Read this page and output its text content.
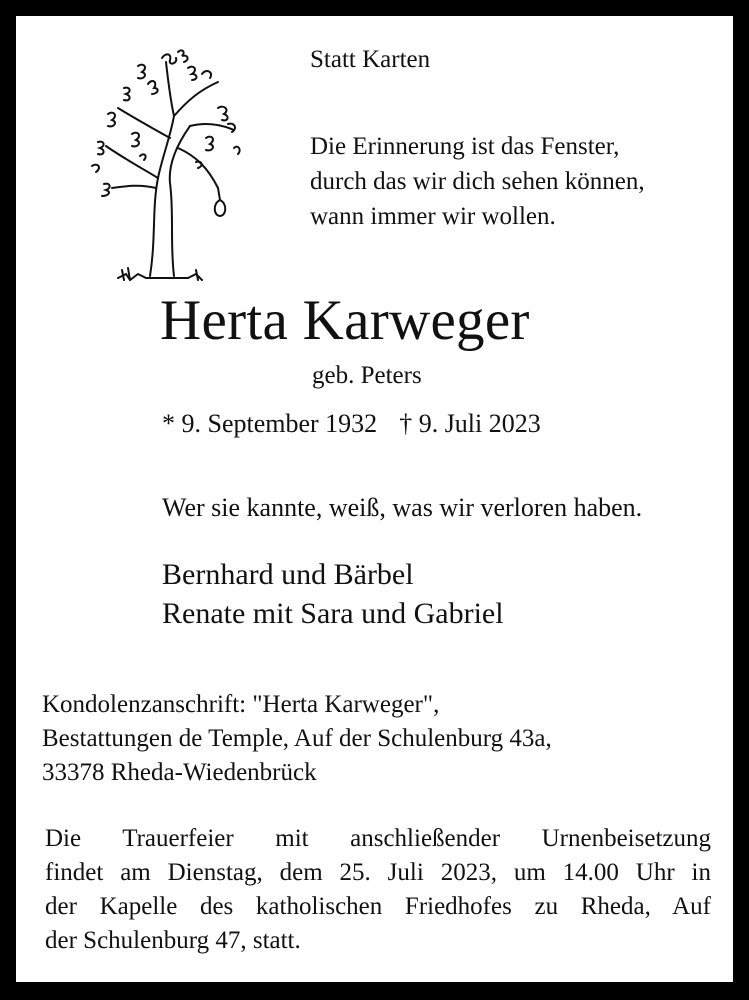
Statt Karten
Die Erinnerung ist das Fenster,
durch das wir dich sehen können,
wann immer wir wollen.
Herta Karweger
geb. Peters
* 9. September 1932 † 9. Juli 2023
Wer sie kannte, weiß, was wir verloren haben.
Bernhard und Bärbel
Renate mit Sara und Gabriel
Kondolenzanschrift: "Herta Karweger",
Bestattungen de Temple, Auf der Schulenburg 43a,
33378 Rheda-Wiedenbrück
Die Trauerfeier mit anschließender Urnenbeisetzung
findet am Dienstag, dem 25. Juli 2023, um 14.00 Uhr in
der Kapelle des katholischen Friedhofes zu Rheda, Auf
der Schulenburg 47, statt.
